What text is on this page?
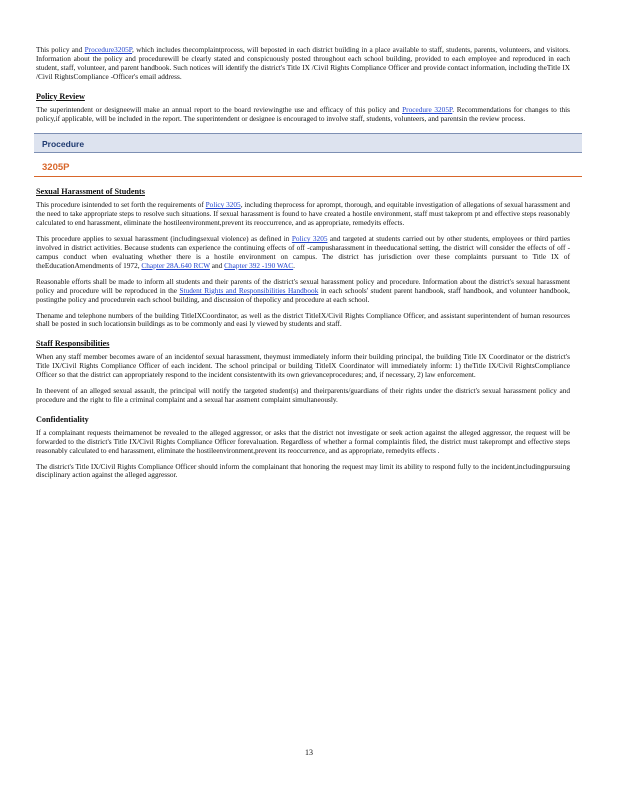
This policy and Procedure3205P, which includes thecomplaintprocess, will beposted in each district building in a place available to staff, students, parents, volunteers, and visitors. Information about the policy and procedurewill be clearly stated and conspicuously posted throughout each school building, provided to each employee and reproduced in each student, staff, volunteer, and parent handbook. Such notices will identify the district's Title IX /Civil Rights Compliance Officer and provide contact information, including theTitle IX /Civil RightsCompliance -Officer's email address.

Policy Review

The superintendent or designeewill make an annual report to the board reviewingthe use and efficacy of this policy and Procedure 3205P. Recommendations for changes to this policy,if applicable, will be included in the report. The superintendent or designee is encouraged to involve staff, students, volunteers, and parentsin the review process.

Procedure
3205P
Sexual Harassment of Students

This procedure isintended to set forth the requirements of Policy 3205, including theprocess for aprompt, thorough, and equitable investigation of allegations of sexual harassment and the need to take appropriate steps to resolve such situations. If sexual harassment is found to have created a hostile environment, staff must takeprom pt and effective steps reasonably calculated to end harassment, eliminate the hostileenvironment,prevent its reoccurrence, and as appropriate, remedyits effects.

This procedure applies to sexual harassment (includingsexual violence) as defined in Policy 3205 and targeted at students carried out by other students, employees or third parties involved in district activities. Because students can experience the continuing effects of off -campusharassment in theeducational setting, the district will consider the effects of off -campus conduct when evaluating whether there is a hostile environment on campus. The district has jurisdiction over these complaints pursuant to Title IX of theEducationAmendments of 1972, Chapter 28A.640 RCW and Chapter 392 -190 WAC.

Reasonable efforts shall be made to inform all students and their parents of the district's sexual harassment policy and procedure. Information about the district's sexual harassment policy and procedure will be reproduced in the Student Rights and Responsibilities Handbook in each schools' student parent handbook, staff handbook, and volunteer handbook, postingthe policy and procedurein each school building, and discussion of thepolicy and procedure at each school.

Thename and telephone numbers of the building TitleIXCoordinator, as well as the district TitleIX/Civil Rights Compliance Officer, and assistant superintendent of human resources shall be posted in such locationsin buildings as to be commonly and easi ly viewed by students and staff.

Staff Responsibilities

When any staff member becomes aware of an incidentof sexual harassment, theymust immediately inform their building principal, the building Title IX Coordinator or the district's Title IX/Civil Rights Compliance Officer of each incident. The school principal or building TitleIX Coordinator will immediately inform: 1) theTitle IX/Civil RightsCompliance Officer so that the district can appropriately respond to the incident consistentwith its own grievanceprocedures; and, if necessary, 2) law enforcement.

In theevent of an alleged sexual assault, the principal will notify the targeted student(s) and theirparents/guardians of their rights under the district's sexual harassment policy and procedure and the right to file a criminal complaint and a sexual har assment complaint simultaneously.

Confidentiality

If a complainant requests theirnamenot be revealed to the alleged aggressor, or asks that the district not investigate or seek action against the alleged aggressor, the request will be forwarded to the district's Title IX/Civil Rights Compliance Officer forevaluation. Regardless of whether a formal complaintis filed, the district must takeprompt and effective steps reasonably calculated to end harassment, eliminate the hostileenvironment,prevent its reoccurrence, and as appropriate, remedyits effects .

The district's Title IX/Civil Rights Compliance Officer should inform the complainant that honoring the request may limit its ability to respond fully to the incident,includingpursuing disciplinary action against the alleged aggressor.

13
